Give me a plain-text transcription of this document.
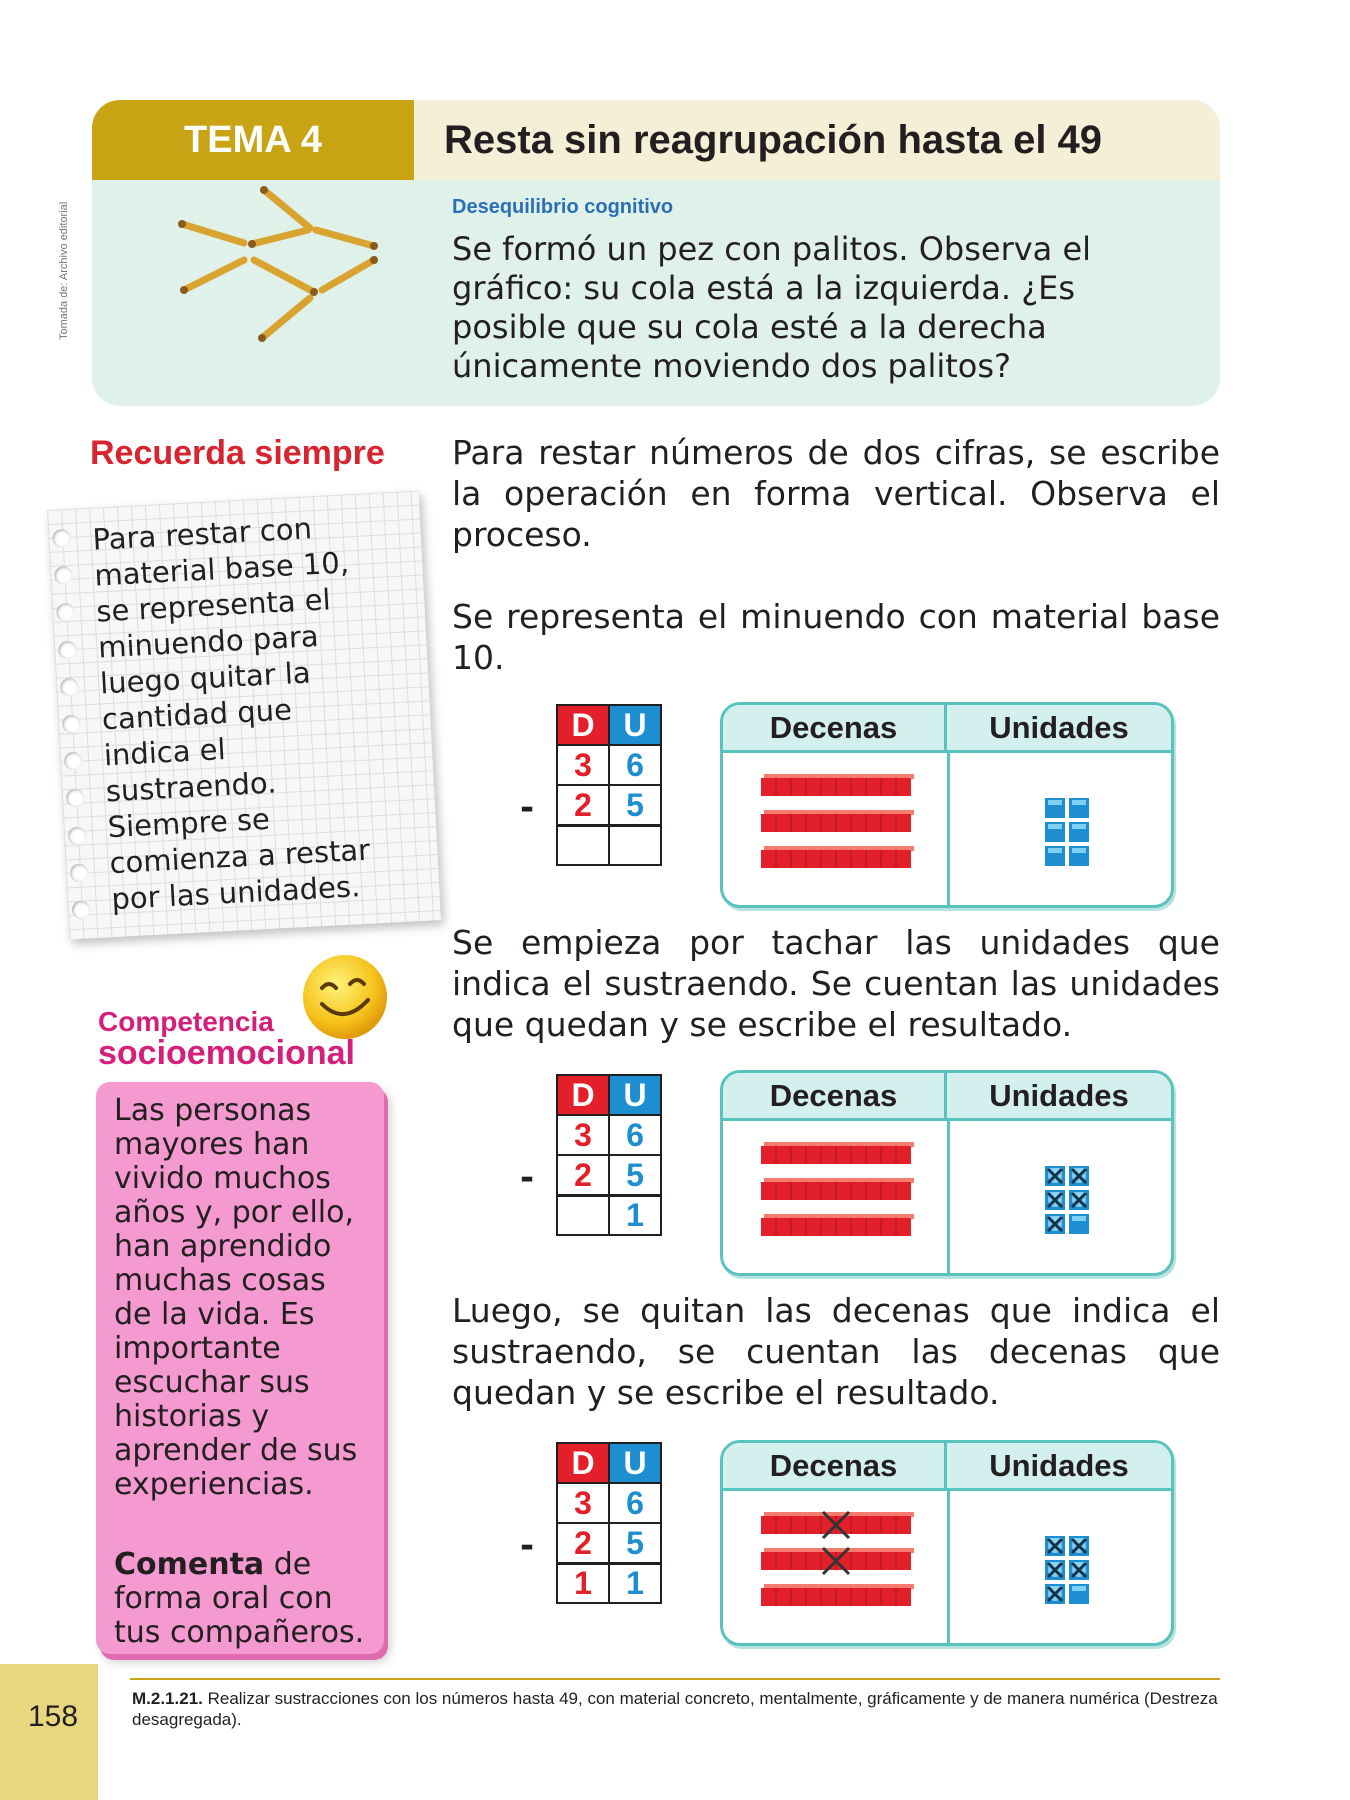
TEMA 4	Resta sin reagrupación hasta el 49
Desequilibrio cognitivo
Se formó un pez con palitos. Observa el gráfico: su cola está a la izquierda. ¿Es posible que su cola esté a la derecha únicamente moviendo dos palitos?
Tomada de: Archivo editorial
Recuerda siempre
Para restar con
material base 10,
se representa el
minuendo para
luego quitar la
cantidad que
indica el
sustraendo.
Siempre se
comienza a restar
por las unidades.
Competencia
socioemocional
Las personas
mayores han
vivido muchos
años y, por ello,
han aprendido
muchas cosas
de la vida. Es
importante
escuchar sus
historias y
aprender de sus
experiencias.
Comenta de
forma oral con
tus compañeros.
Para restar números de dos cifras, se escribe la operación en forma vertical. Observa el proceso.
Se representa el minuendo con material base 10.
Se empieza por tachar las unidades que indica el sustraendo. Se cuentan las unidades que quedan y se escribe el resultado.
Luego, se quitan las decenas que indica el sustraendo, se cuentan las decenas que quedan y se escribe el resultado.
-
D	U
3	6
2	5

Decenas	Unidades
-
D	U
3	6
2	5
	1
Decenas	Unidades
-
D	U
3	6
2	5
1	1
Decenas	Unidades
M.2.1.21. Realizar sustracciones con los números hasta 49, con material concreto, mentalmente, gráficamente y de manera numérica (Destreza desagregada).
158
